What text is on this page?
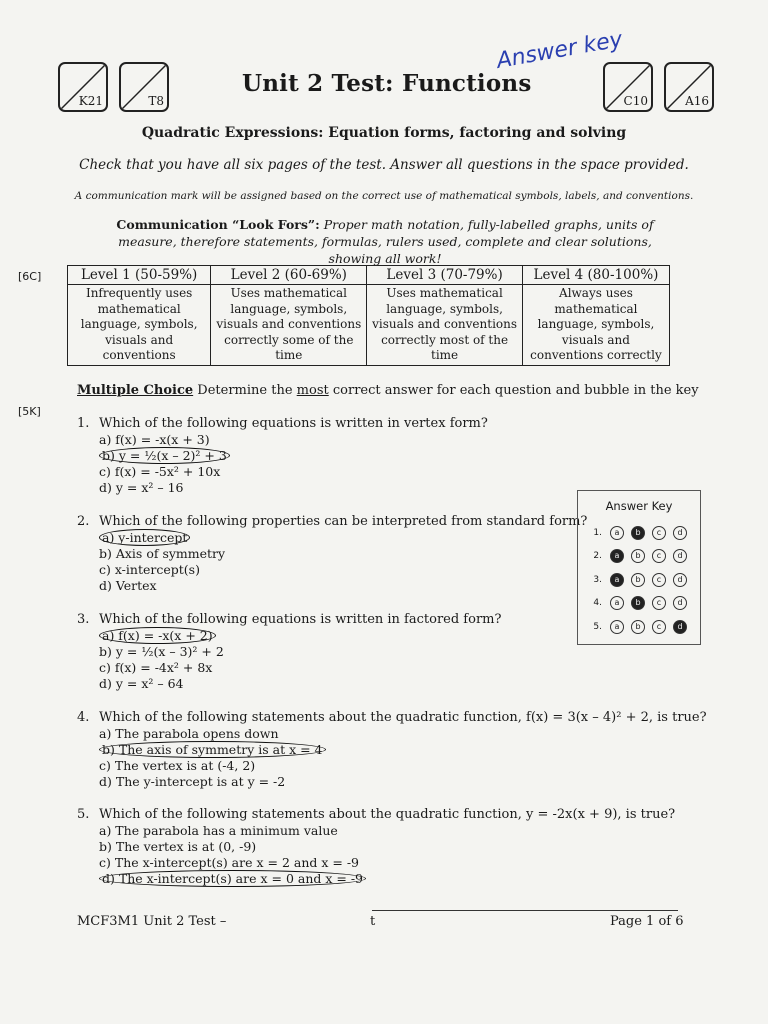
K21	T8
Unit 2 Test: Functions
Answer key
C10	A16
Quadratic Expressions: Equation forms, factoring and solving
Check that you have all six pages of the test. Answer all questions in the space provided.
A communication mark will be assigned based on the correct use of mathematical symbols, labels, and conventions.
Communication “Look Fors”: Proper math notation, fully-labelled graphs, units of measure, therefore statements, formulas, rulers used, complete and clear solutions, showing all work!
[6C]	Level 1 (50-59%)	Level 2 (60-69%)	Level 3 (70-79%)	Level 4 (80-100%)
Infrequently uses mathematical language, symbols, visuals and conventions	Uses mathematical language, symbols, visuals and conventions correctly some of the time	Uses mathematical language, symbols, visuals and conventions correctly most of the time	Always uses mathematical language, symbols, visuals and conventions correctly
Multiple Choice Determine the most correct answer for each question and bubble in the key
[5K]
1. Which of the following equations is written in vertex form?
a) f(x) = -x(x + 3)
b) y = ½(x – 2)² + 3
c) f(x) = -5x² + 10x
d) y = x² – 16
2. Which of the following properties can be interpreted from standard form?
a) y-intercept
b) Axis of symmetry
c) x-intercept(s)
d) Vertex
3. Which of the following equations is written in factored form?
a) f(x) = -x(x + 2)
b) y = ½(x – 3)² + 2
c) f(x) = -4x² + 8x
d) y = x² – 64
4. Which of the following statements about the quadratic function, f(x) = 3(x – 4)² + 2, is true?
a) The parabola opens down
b) The axis of symmetry is at x = 4
c) The vertex is at (-4, 2)
d) The y-intercept is at y = -2
5. Which of the following statements about the quadratic function, y = -2x(x + 9), is true?
a) The parabola has a minimum value
b) The vertex is at (0, -9)
c) The x-intercept(s) are x = 2 and x = -9
d) The x-intercept(s) are x = 0 and x = -9
Answer Key
1.	a	b	c	d
2.	a	b	c	d
3.	a	b	c	d
4.	a	b	c	d
5.	a	b	c	d
MCF3M1 Unit 2 Test –	t	Page 1 of 6
